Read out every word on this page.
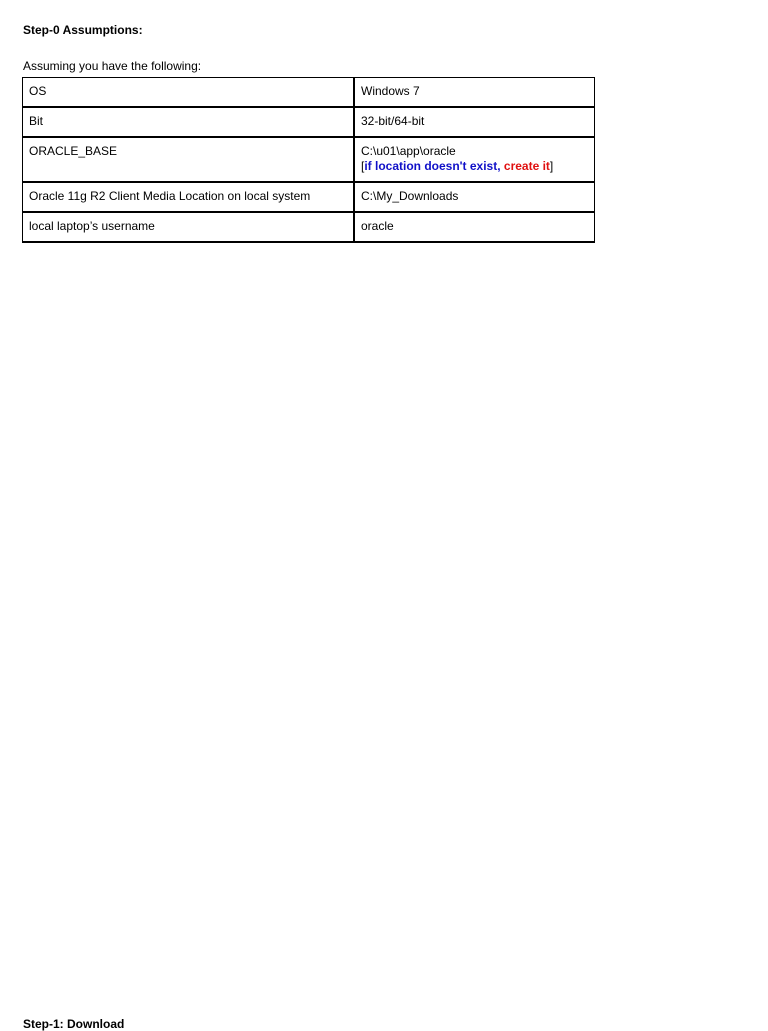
Step-0 Assumptions:

Assuming you have the following:

OS	Windows 7
Bit	32-bit/64-bit
ORACLE_BASE	C:\u01\app\oracle
[if location doesn't exist, create it]
Oracle 11g R2 Client Media Location on local system	C:\My_Downloads
local laptop’s username	oracle

Step-1: Download
